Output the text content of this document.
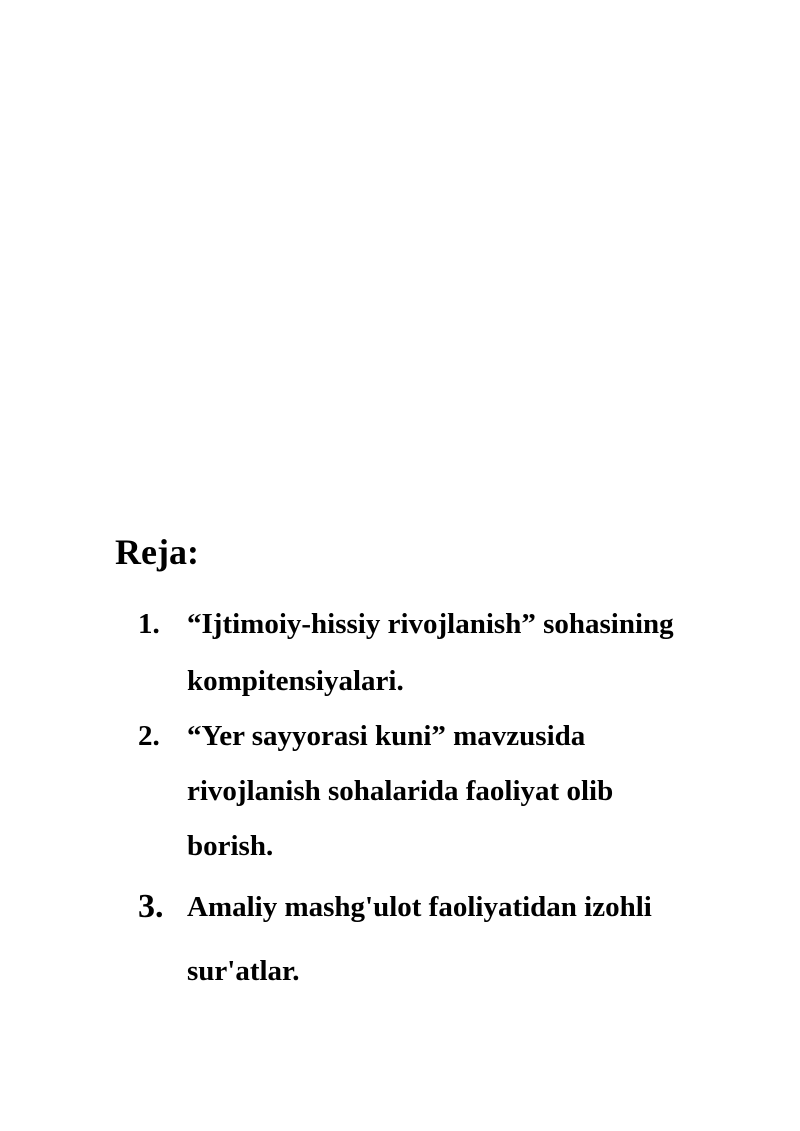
Reja:
1. “Ijtimoiy-hissiy rivojlanish” sohasining
kompitensiyalari.
2. “Yer sayyorasi kuni” mavzusida
rivojlanish sohalarida faoliyat olib
borish.
3. Amaliy mashg'ulot faoliyatidan izohli
sur'atlar.
